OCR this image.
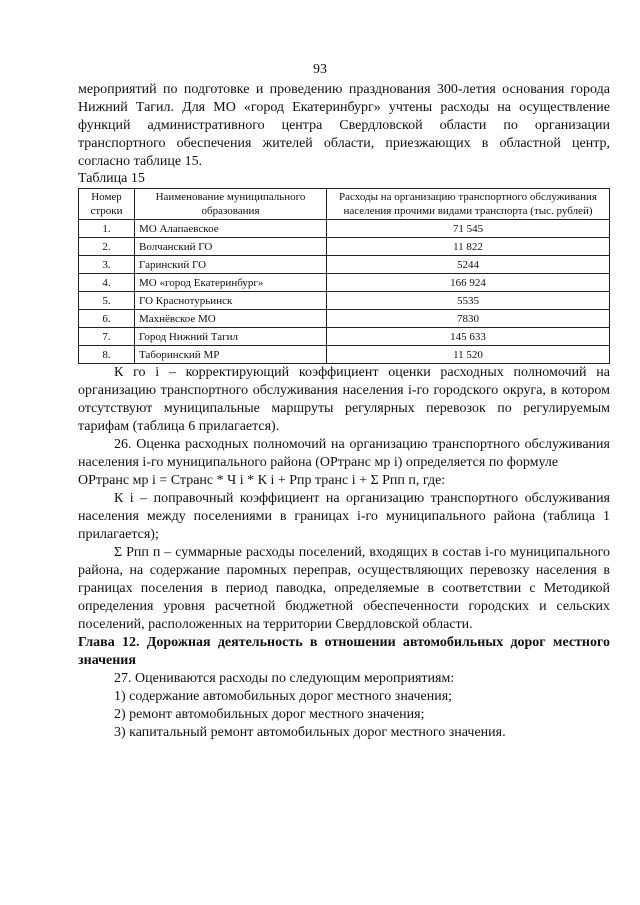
93

мероприятий по подготовке и проведению празднования 300-летия основания города Нижний Тагил. Для МО «город Екатеринбург» учтены расходы на осуществление функций административного центра Свердловской области по организации транспортного обеспечения жителей области, приезжающих в областной центр, согласно таблице 15.

Таблица 15

Номер строки	Наименование муниципального образования	Расходы на организацию транспортного обслуживания населения прочими видами транспорта (тыс. рублей)
1.	МО Алапаевское	71 545
2.	Волчанский ГО	11 822
3.	Гаринский ГО	5244
4.	МО «город Екатеринбург»	166 924
5.	ГО Краснотурьинск	5535
6.	Махнёвское МО	7830
7.	Город Нижний Тагил	145 633
8.	Таборинский МР	11 520

К го i – корректирующий коэффициент оценки расходных полномочий на организацию транспортного обслуживания населения i-го городского округа, в котором отсутствуют муниципальные маршруты регулярных перевозок по регулируемым тарифам (таблица 6 прилагается).

26. Оценка расходных полномочий на организацию транспортного обслуживания населения i-го муниципального района (ОРтранс мр i) определяется по формуле

ОРтранс мр i = Странс * Ч i * К i + Рпр транс i + Σ Рпп п, где:

К i – поправочный коэффициент на организацию транспортного обслуживания населения между поселениями в границах i-го муниципального района (таблица 1 прилагается);

Σ Рпп п – суммарные расходы поселений, входящих в состав i-го муниципального района, на содержание паромных переправ, осуществляющих перевозку населения в границах поселения в период паводка, определяемые в соответствии с Методикой определения уровня расчетной бюджетной обеспеченности городских и сельских поселений, расположенных на территории Свердловской области.

Глава 12. Дорожная деятельность в отношении автомобильных дорог местного значения

27. Оцениваются расходы по следующим мероприятиям:

1) содержание автомобильных дорог местного значения;

2) ремонт автомобильных дорог местного значения;

3) капитальный ремонт автомобильных дорог местного значения.
